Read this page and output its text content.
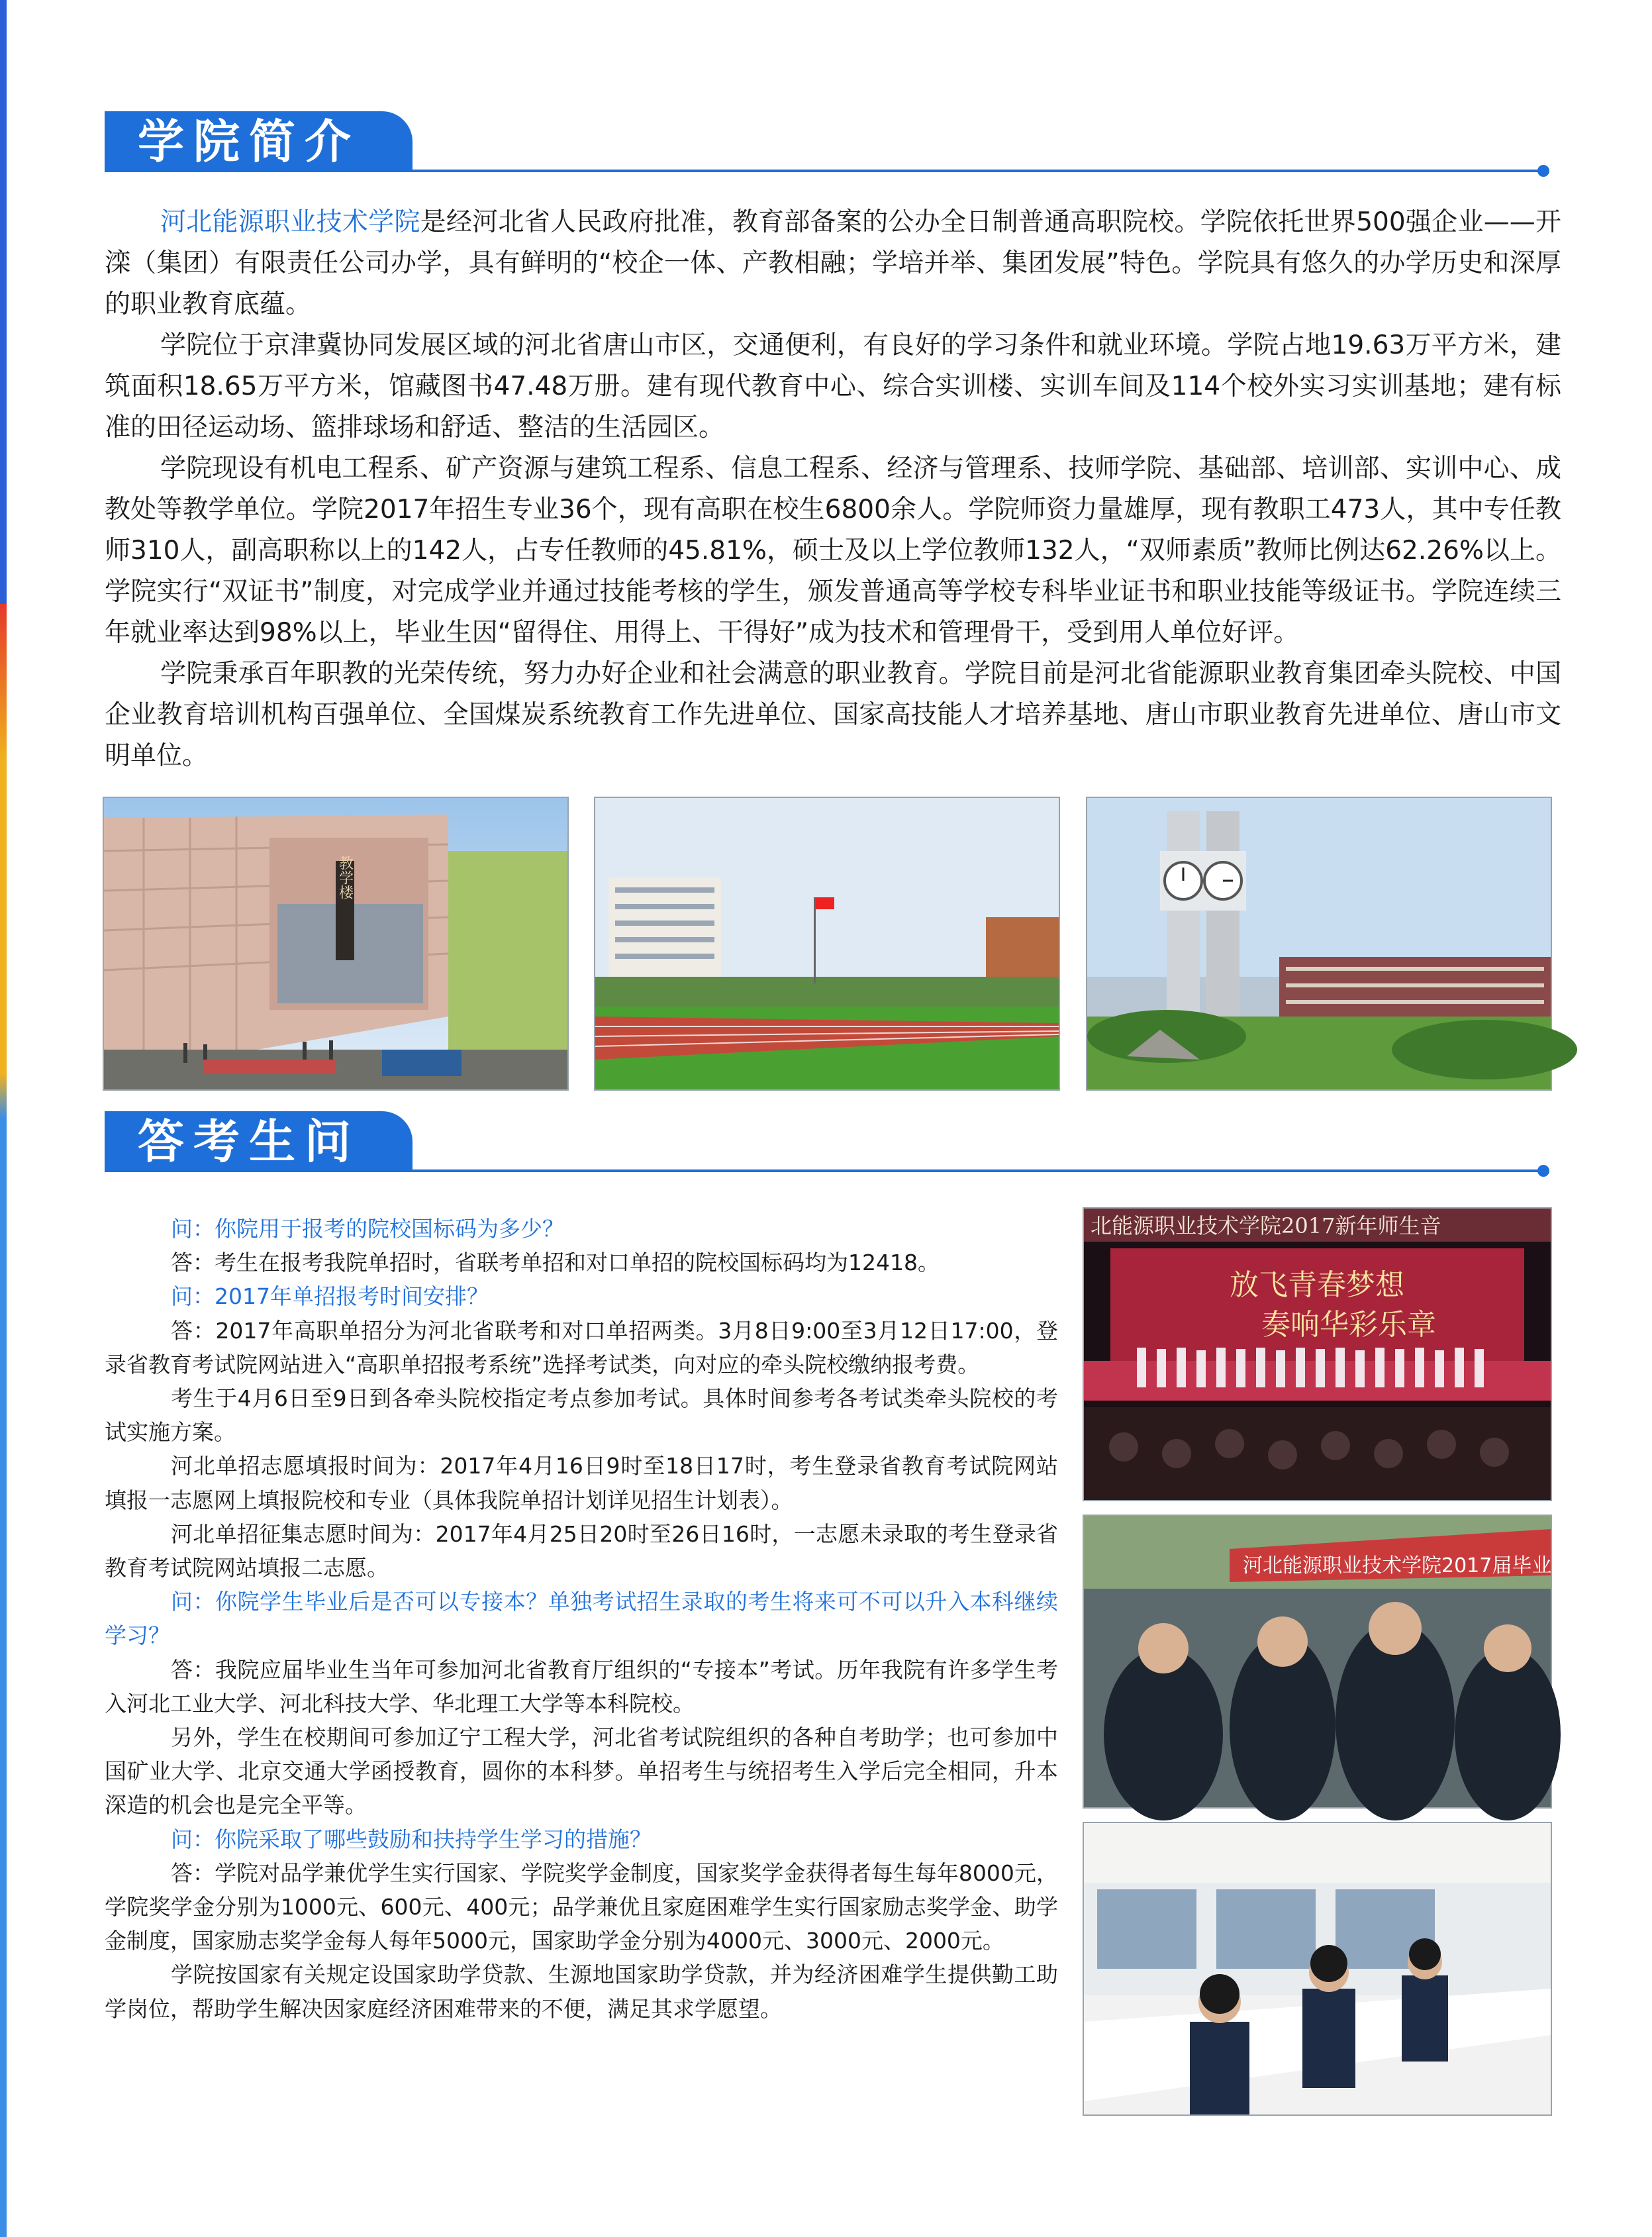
学院简介

河北能源职业技术学院是经河北省人民政府批准，教育部备案的公办全日制普通高职院校。学院依托世界500强企业——开滦（集团）有限责任公司办学，具有鲜明的“校企一体、产教相融；学培并举、集团发展”特色。学院具有悠久的办学历史和深厚的职业教育底蕴。

学院位于京津冀协同发展区域的河北省唐山市区，交通便利，有良好的学习条件和就业环境。学院占地19.63万平方米，建筑面积18.65万平方米，馆藏图书47.48万册。建有现代教育中心、综合实训楼、实训车间及114个校外实习实训基地；建有标准的田径运动场、篮排球场和舒适、整洁的生活园区。

学院现设有机电工程系、矿产资源与建筑工程系、信息工程系、经济与管理系、技师学院、基础部、培训部、实训中心、成教处等教学单位。学院2017年招生专业36个，现有高职在校生6800余人。学院师资力量雄厚，现有教职工473人，其中专任教师310人，副高职称以上的142人，占专任教师的45.81%，硕士及以上学位教师132人，“双师素质”教师比例达62.26%以上。学院实行“双证书”制度，对完成学业并通过技能考核的学生，颁发普通高等学校专科毕业证书和职业技能等级证书。学院连续三年就业率达到98%以上，毕业生因“留得住、用得上、干得好”成为技术和管理骨干，受到用人单位好评。

学院秉承百年职教的光荣传统，努力办好企业和社会满意的职业教育。学院目前是河北省能源职业教育集团牵头院校、中国企业教育培训机构百强单位、全国煤炭系统教育工作先进单位、国家高技能人才培养基地、唐山市职业教育先进单位、唐山市文明单位。

教学楼
答考生问

问：你院用于报考的院校国标码为多少？

答：考生在报考我院单招时，省联考单招和对口单招的院校国标码均为12418。

问：2017年单招报考时间安排？

答：2017年高职单招分为河北省联考和对口单招两类。3月8日9:00至3月12日17:00，登录省教育考试院网站进入“高职单招报考系统”选择考试类，向对应的牵头院校缴纳报考费。

考生于4月6日至9日到各牵头院校指定考点参加考试。具体时间参考各考试类牵头院校的考试实施方案。

河北单招志愿填报时间为：2017年4月16日9时至18日17时，考生登录省教育考试院网站填报一志愿网上填报院校和专业（具体我院单招计划详见招生计划表）。

河北单招征集志愿时间为：2017年4月25日20时至26日16时，一志愿未录取的考生登录省教育考试院网站填报二志愿。

问：你院学生毕业后是否可以专接本？单独考试招生录取的考生将来可不可以升入本科继续学习？

答：我院应届毕业生当年可参加河北省教育厅组织的“专接本”考试。历年我院有许多学生考入河北工业大学、河北科技大学、华北理工大学等本科院校。

另外，学生在校期间可参加辽宁工程大学，河北省考试院组织的各种自考助学；也可参加中国矿业大学、北京交通大学函授教育，圆你的本科梦。单招考生与统招考生入学后完全相同，升本深造的机会也是完全平等。

问：你院采取了哪些鼓励和扶持学生学习的措施？

答：学院对品学兼优学生实行国家、学院奖学金制度，国家奖学金获得者每生每年8000元，学院奖学金分别为1000元、600元、400元；品学兼优且家庭困难学生实行国家励志奖学金、助学金制度，国家励志奖学金每人每年5000元，国家助学金分别为4000元、3000元、2000元。

学院按国家有关规定设国家助学贷款、生源地国家助学贷款，并为经济困难学生提供勤工助学岗位，帮助学生解决因家庭经济困难带来的不便，满足其求学愿望。

北能源职业技术学院2017新年师生音
放飞青春梦想
奏响华彩乐章
河北能源职业技术学院2017届毕业生双选会
